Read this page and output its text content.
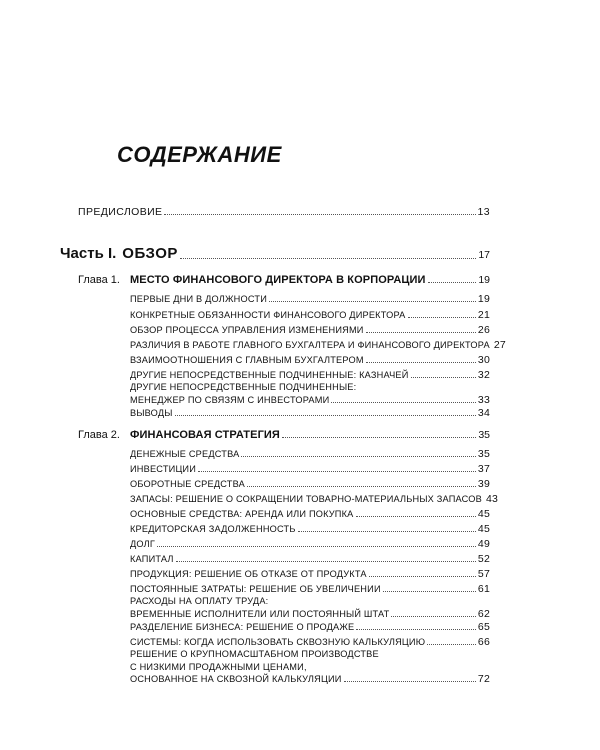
СОДЕРЖАНИЕ
ПРЕДИСЛОВИЕ	13
Часть I. ОБЗОР	17
Глава 1. МЕСТО ФИНАНСОВОГО ДИРЕКТОРА В КОРПОРАЦИИ	19
ПЕРВЫЕ ДНИ В ДОЛЖНОСТИ	19
КОНКРЕТНЫЕ ОБЯЗАННОСТИ ФИНАНСОВОГО ДИРЕКТОРА	21
ОБЗОР ПРОЦЕССА УПРАВЛЕНИЯ ИЗМЕНЕНИЯМИ	26
РАЗЛИЧИЯ В РАБОТЕ ГЛАВНОГО БУХГАЛТЕРА И ФИНАНСОВОГО ДИРЕКТОРА 27
ВЗАИМООТНОШЕНИЯ С ГЛАВНЫМ БУХГАЛТЕРОМ	30
ДРУГИЕ НЕПОСРЕДСТВЕННЫЕ ПОДЧИНЕННЫЕ: КАЗНАЧЕЙ	32
ДРУГИЕ НЕПОСРЕДСТВЕННЫЕ ПОДЧИНЕННЫЕ:
МЕНЕДЖЕР ПО СВЯЗЯМ С ИНВЕСТОРАМИ	33
ВЫВОДЫ	34
Глава 2. ФИНАНСОВАЯ СТРАТЕГИЯ	35
ДЕНЕЖНЫЕ СРЕДСТВА	35
ИНВЕСТИЦИИ	37
ОБОРОТНЫЕ СРЕДСТВА	39
ЗАПАСЫ: РЕШЕНИЕ О СОКРАЩЕНИИ ТОВАРНО-МАТЕРИАЛЬНЫХ ЗАПАСОВ 43
ОСНОВНЫЕ СРЕДСТВА: АРЕНДА ИЛИ ПОКУПКА	45
КРЕДИТОРСКАЯ ЗАДОЛЖЕННОСТЬ	45
ДОЛГ	49
КАПИТАЛ	52
ПРОДУКЦИЯ: РЕШЕНИЕ ОБ ОТКАЗЕ ОТ ПРОДУКТА	57
ПОСТОЯННЫЕ ЗАТРАТЫ: РЕШЕНИЕ ОБ УВЕЛИЧЕНИИ	61
РАСХОДЫ НА ОПЛАТУ ТРУДА:
ВРЕМЕННЫЕ ИСПОЛНИТЕЛИ ИЛИ ПОСТОЯННЫЙ ШТАТ	62
РАЗДЕЛЕНИЕ БИЗНЕСА: РЕШЕНИЕ О ПРОДАЖЕ	65
СИСТЕМЫ: КОГДА ИСПОЛЬЗОВАТЬ СКВОЗНУЮ КАЛЬКУЛЯЦИЮ	66
РЕШЕНИЕ О КРУПНОМАСШТАБНОМ ПРОИЗВОДСТВЕ
С НИЗКИМИ ПРОДАЖНЫМИ ЦЕНАМИ,
ОСНОВАННОЕ НА СКВОЗНОЙ КАЛЬКУЛЯЦИИ	72
